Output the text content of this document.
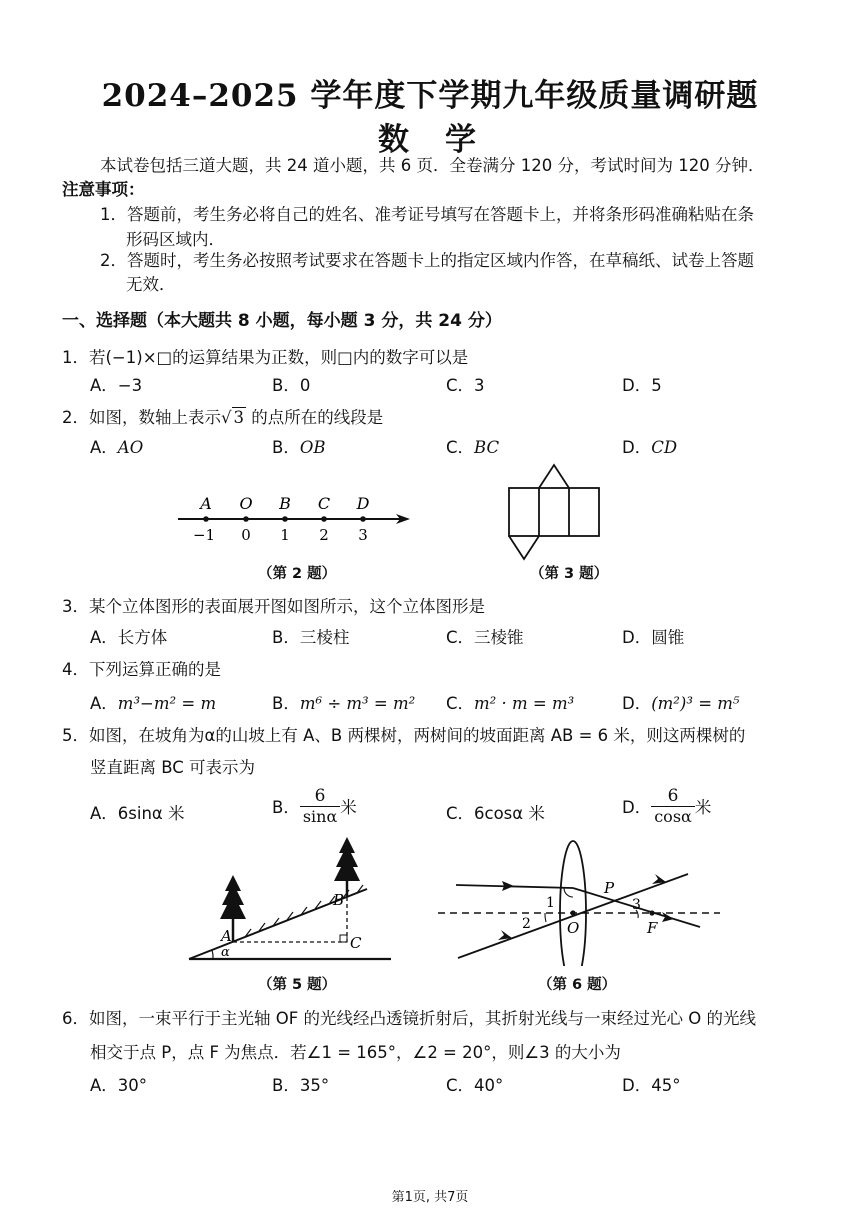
2024–2025 学年度下学期九年级质量调研题
数学
本试卷包括三道大题，共 24 道小题，共 6 页．全卷满分 120 分，考试时间为 120 分钟．
注意事项：
1．答题前，考生务必将自己的姓名、准考证号填写在答题卡上，并将条形码准确粘贴在条
形码区域内．
2．答题时，考生务必按照考试要求在答题卡上的指定区域内作答，在草稿纸、试卷上答题
无效．
一、选择题（本大题共 8 小题，每小题 3 分，共 24 分）
1．若(−1)×□的运算结果为正数，则□内的数字可以是
A．−3	B．0	C．3	D．5
2．如图，数轴上表示√ 3 的点所在的线段是
A．AO	B．OB	C．BC	D．CD
A O B C D
−1 0 1 2 3
（第 2 题）	（第 3 题）
3．某个立体图形的表面展开图如图所示，这个立体图形是
A．长方体	B．三棱柱	C．三棱锥	D．圆锥
4．下列运算正确的是
A．m³−m² = m	B．m⁶ ÷ m³ = m² C．m² · m = m³	D．(m²)³ = m⁵
5．如图，在坡角为α的山坡上有 A、B 两棵树，两树间的坡面距离 AB = 6 米，则这两棵树的
竖直距离 BC 可表示为
A．6sinα 米	B． $\frac{6}{\sin\alpha}$ 米	C．6cosα 米	D． $\frac{6}{\cos\alpha}$ 米
α
A
B
C
1
2
3
P
O	F
（第 5 题）	（第 6 题）
6．如图，一束平行于主光轴 OF 的光线经凸透镜折射后，其折射光线与一束经过光心 O 的光线
相交于点 P，点 F 为焦点．若∠1 = 165°，∠2 = 20°，则∠3 的大小为
A．30°	B．35°	C．40°	D．45°
第1页, 共7页
